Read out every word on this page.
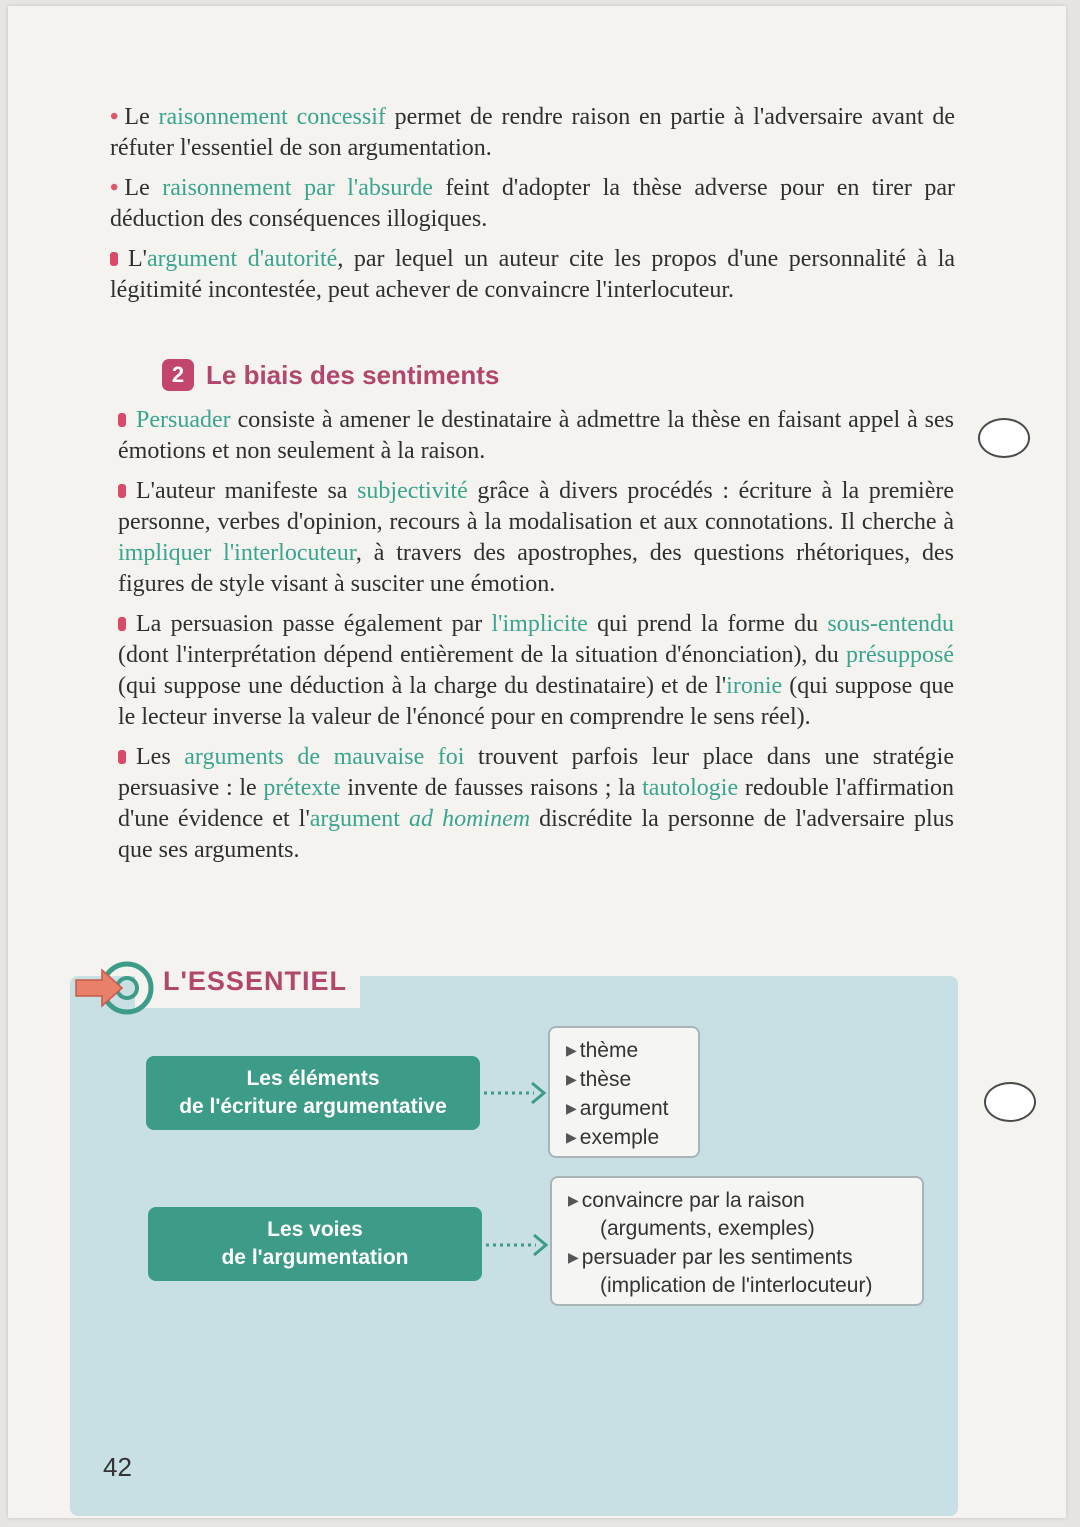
• Le raisonnement concessif permet de rendre raison en partie à l'adversaire avant de réfuter l'essentiel de son argumentation.

• Le raisonnement par l'absurde feint d'adopter la thèse adverse pour en tirer par déduction des conséquences illogiques.

L'argument d'autorité, par lequel un auteur cite les propos d'une personnalité à la légitimité incontestée, peut achever de convaincre l'interlocuteur.

2 Le biais des sentiments

Persuader consiste à amener le destinataire à admettre la thèse en faisant appel à ses émotions et non seulement à la raison.

L'auteur manifeste sa subjectivité grâce à divers procédés : écriture à la première personne, verbes d'opinion, recours à la modalisation et aux connotations. Il cherche à impliquer l'interlocuteur, à travers des apostrophes, des questions rhétoriques, des figures de style visant à susciter une émotion.

La persuasion passe également par l'implicite qui prend la forme du sous-entendu (dont l'interprétation dépend entièrement de la situation d'énonciation), du présupposé (qui suppose une déduction à la charge du destinataire) et de l'ironie (qui suppose que le lecteur inverse la valeur de l'énoncé pour en comprendre le sens réel).

Les arguments de mauvaise foi trouvent parfois leur place dans une stratégie persuasive : le prétexte invente de fausses raisons ; la tautologie redouble l'affirmation d'une évidence et l'argument ad hominem discrédite la personne de l'adversaire plus que ses arguments.

L'ESSENTIEL
Les éléments
de l'écriture argumentative
▶ thème
▶ thèse
▶ argument
▶ exemple
Les voies
de l'argumentation
▶ convaincre par la raison
(arguments, exemples)
▶ persuader par les sentiments
(implication de l'interlocuteur)
42
